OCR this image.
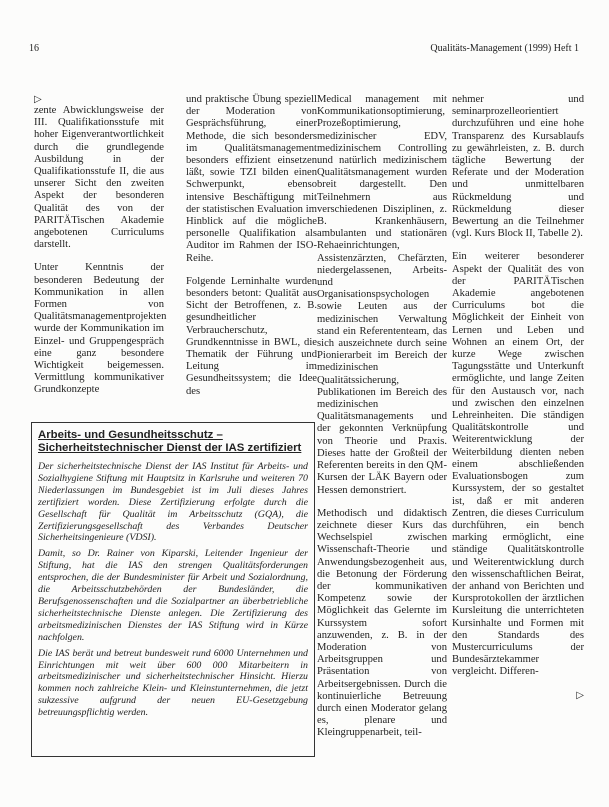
16	Qualitäts-Management (1999) Heft 1
▷

zente Abwicklungsweise der III. Qualifikationsstufe mit hoher Eigenverantwortlichkeit durch die grundlegende Ausbildung in der Qualifikationsstufe II, die aus unserer Sicht den zweiten Aspekt der besonderen Qualität des von der PARITÄTischen Akademie angebotenen Curriculums darstellt.

Unter Kenntnis der besonderen Bedeutung der Kommunikation in allen Formen von Qualitätsmanagementprojekten wurde der Kommunikation im Einzel- und Gruppengespräch eine ganz besondere Wichtigkeit beigemessen. Vermittlung kommunikativer Grundkonzepte

und praktische Übung speziell der Moderation von Gesprächsführung, einer Methode, die sich besonders im Qualitätsmanagement besonders effizient einsetzen läßt, sowie TZI bilden einen Schwerpunkt, ebenso intensive Beschäftigung mit der statistischen Evaluation im Hinblick auf die mögliche personelle Qualifikation als Auditor im Rahmen der ISO-Reihe.

Folgende Lerninhalte wurden besonders betont: Qualität aus Sicht der Betroffenen, z. B. gesundheitlicher Verbraucherschutz, Grundkenntnisse in BWL, die Thematik der Führung und Leitung im Gesundheitssystem; die Idee des

Medical management mit Kommunikationsoptimierung, Prozeßoptimierung, medizinischer EDV, medizinischem Controlling und natürlich medizinischem Qualitätsmanagement wurden breit dargestellt. Den Teilnehmern aus verschiedenen Disziplinen, z. B. Krankenhäusern, ambulanten und stationären Rehaeinrichtungen, Assistenzärzten, Chefärzten, niedergelassenen, Arbeits- und Organisationspsychologen sowie Leuten aus der medizinischen Verwaltung stand ein Referententeam, das sich auszeichnete durch seine Pionierarbeit im Bereich der medizinischen Qualitätssicherung, Publikationen im Bereich des medizinischen Qualitätsmanagements und der gekonnten Verknüpfung von Theorie und Praxis. Dieses hatte der Großteil der Referenten bereits in den QM-Kursen der LÄK Bayern oder Hessen demonstriert.

Methodisch und didaktisch zeichnete dieser Kurs das Wechselspiel zwischen Wissenschaft-Theorie und Anwendungsbezogenheit aus, die Betonung der Förderung der kommunikativen Kompetenz sowie der Möglichkeit das Gelernte im Kurssystem sofort anzuwenden, z. B. in der Moderation von Arbeitsgruppen und Präsentation von Arbeitsergebnissen. Durch die kontinuierliche Betreuung durch einen Moderator gelang es, plenare und Kleingruppenarbeit, teil-

nehmer und seminarprozelleorientiert durchzuführen und eine hohe Transparenz des Kursablaufs zu gewährleisten, z. B. durch tägliche Bewertung der Referate und der Moderation und unmittelbaren Rückmeldung und Rückmeldung dieser Bewertung an die Teilnehmer (vgl. Kurs Block II, Tabelle 2).

Ein weiterer besonderer Aspekt der Qualität des von der PARITÄTischen Akademie angebotenen Curriculums bot die Möglichkeit der Einheit von Lernen und Leben und Wohnen an einem Ort, der kurze Wege zwischen Tagungsstätte und Unterkunft ermöglichte, und lange Zeiten für den Austausch vor, nach und zwischen den einzelnen Lehreinheiten. Die ständigen Qualitätskontrolle und Weiterentwicklung der Weiterbildung dienten neben einem abschließenden Evaluationsbogen zum Kurssystem, der so gestaltet ist, daß er mit anderen Zentren, die dieses Curriculum durchführen, ein bench marking ermöglicht, eine ständige Qualitätskontrolle und Weiterentwicklung durch den wissenschaftlichen Beirat, der anhand von Berichten und Kursprotokollen der ärztlichen Kursleitung die unterrichteten Kursinhalte und Formen mit den Standards des Mustercurriculums der Bundesärztekammer vergleicht. Differen-

▷
Arbeits- und Gesundheitsschutz –
Sicherheitstechnischer Dienst der IAS zertifiziert

Der sicherheitstechnische Dienst der IAS Institut für Arbeits- und Sozialhygiene Stiftung mit Hauptsitz in Karlsruhe und weiteren 70 Niederlassungen im Bundesgebiet ist im Juli dieses Jahres zertifiziert worden. Diese Zertifizierung erfolgte durch die Gesellschaft für Qualität im Arbeitsschutz (GQA), die Zertifizierungsgesellschaft des Verbandes Deutscher Sicherheitsingenieure (VDSI).

Damit, so Dr. Rainer von Kiparski, Leitender Ingenieur der Stiftung, hat die IAS den strengen Qualitätsforderungen entsprochen, die der Bundesminister für Arbeit und Sozialordnung, die Arbeitsschutzbehörden der Bundesländer, die Berufsgenossenschaften und die Sozialpartner an überbetriebliche sicherheitstechnische Dienste anlegen. Die Zertifizierung des arbeitsmedizinischen Dienstes der IAS Stiftung wird in Kürze nachfolgen.

Die IAS berät und betreut bundesweit rund 6000 Unternehmen und Einrichtungen mit weit über 600 000 Mitarbeitern in arbeitsmedizinischer und sicherheitstechnischer Hinsicht. Hierzu kommen noch zahlreiche Klein- und Kleinstunternehmen, die jetzt sukzessive aufgrund der neuen EU-Gesetzgebung betreuungspflichtig werden.
